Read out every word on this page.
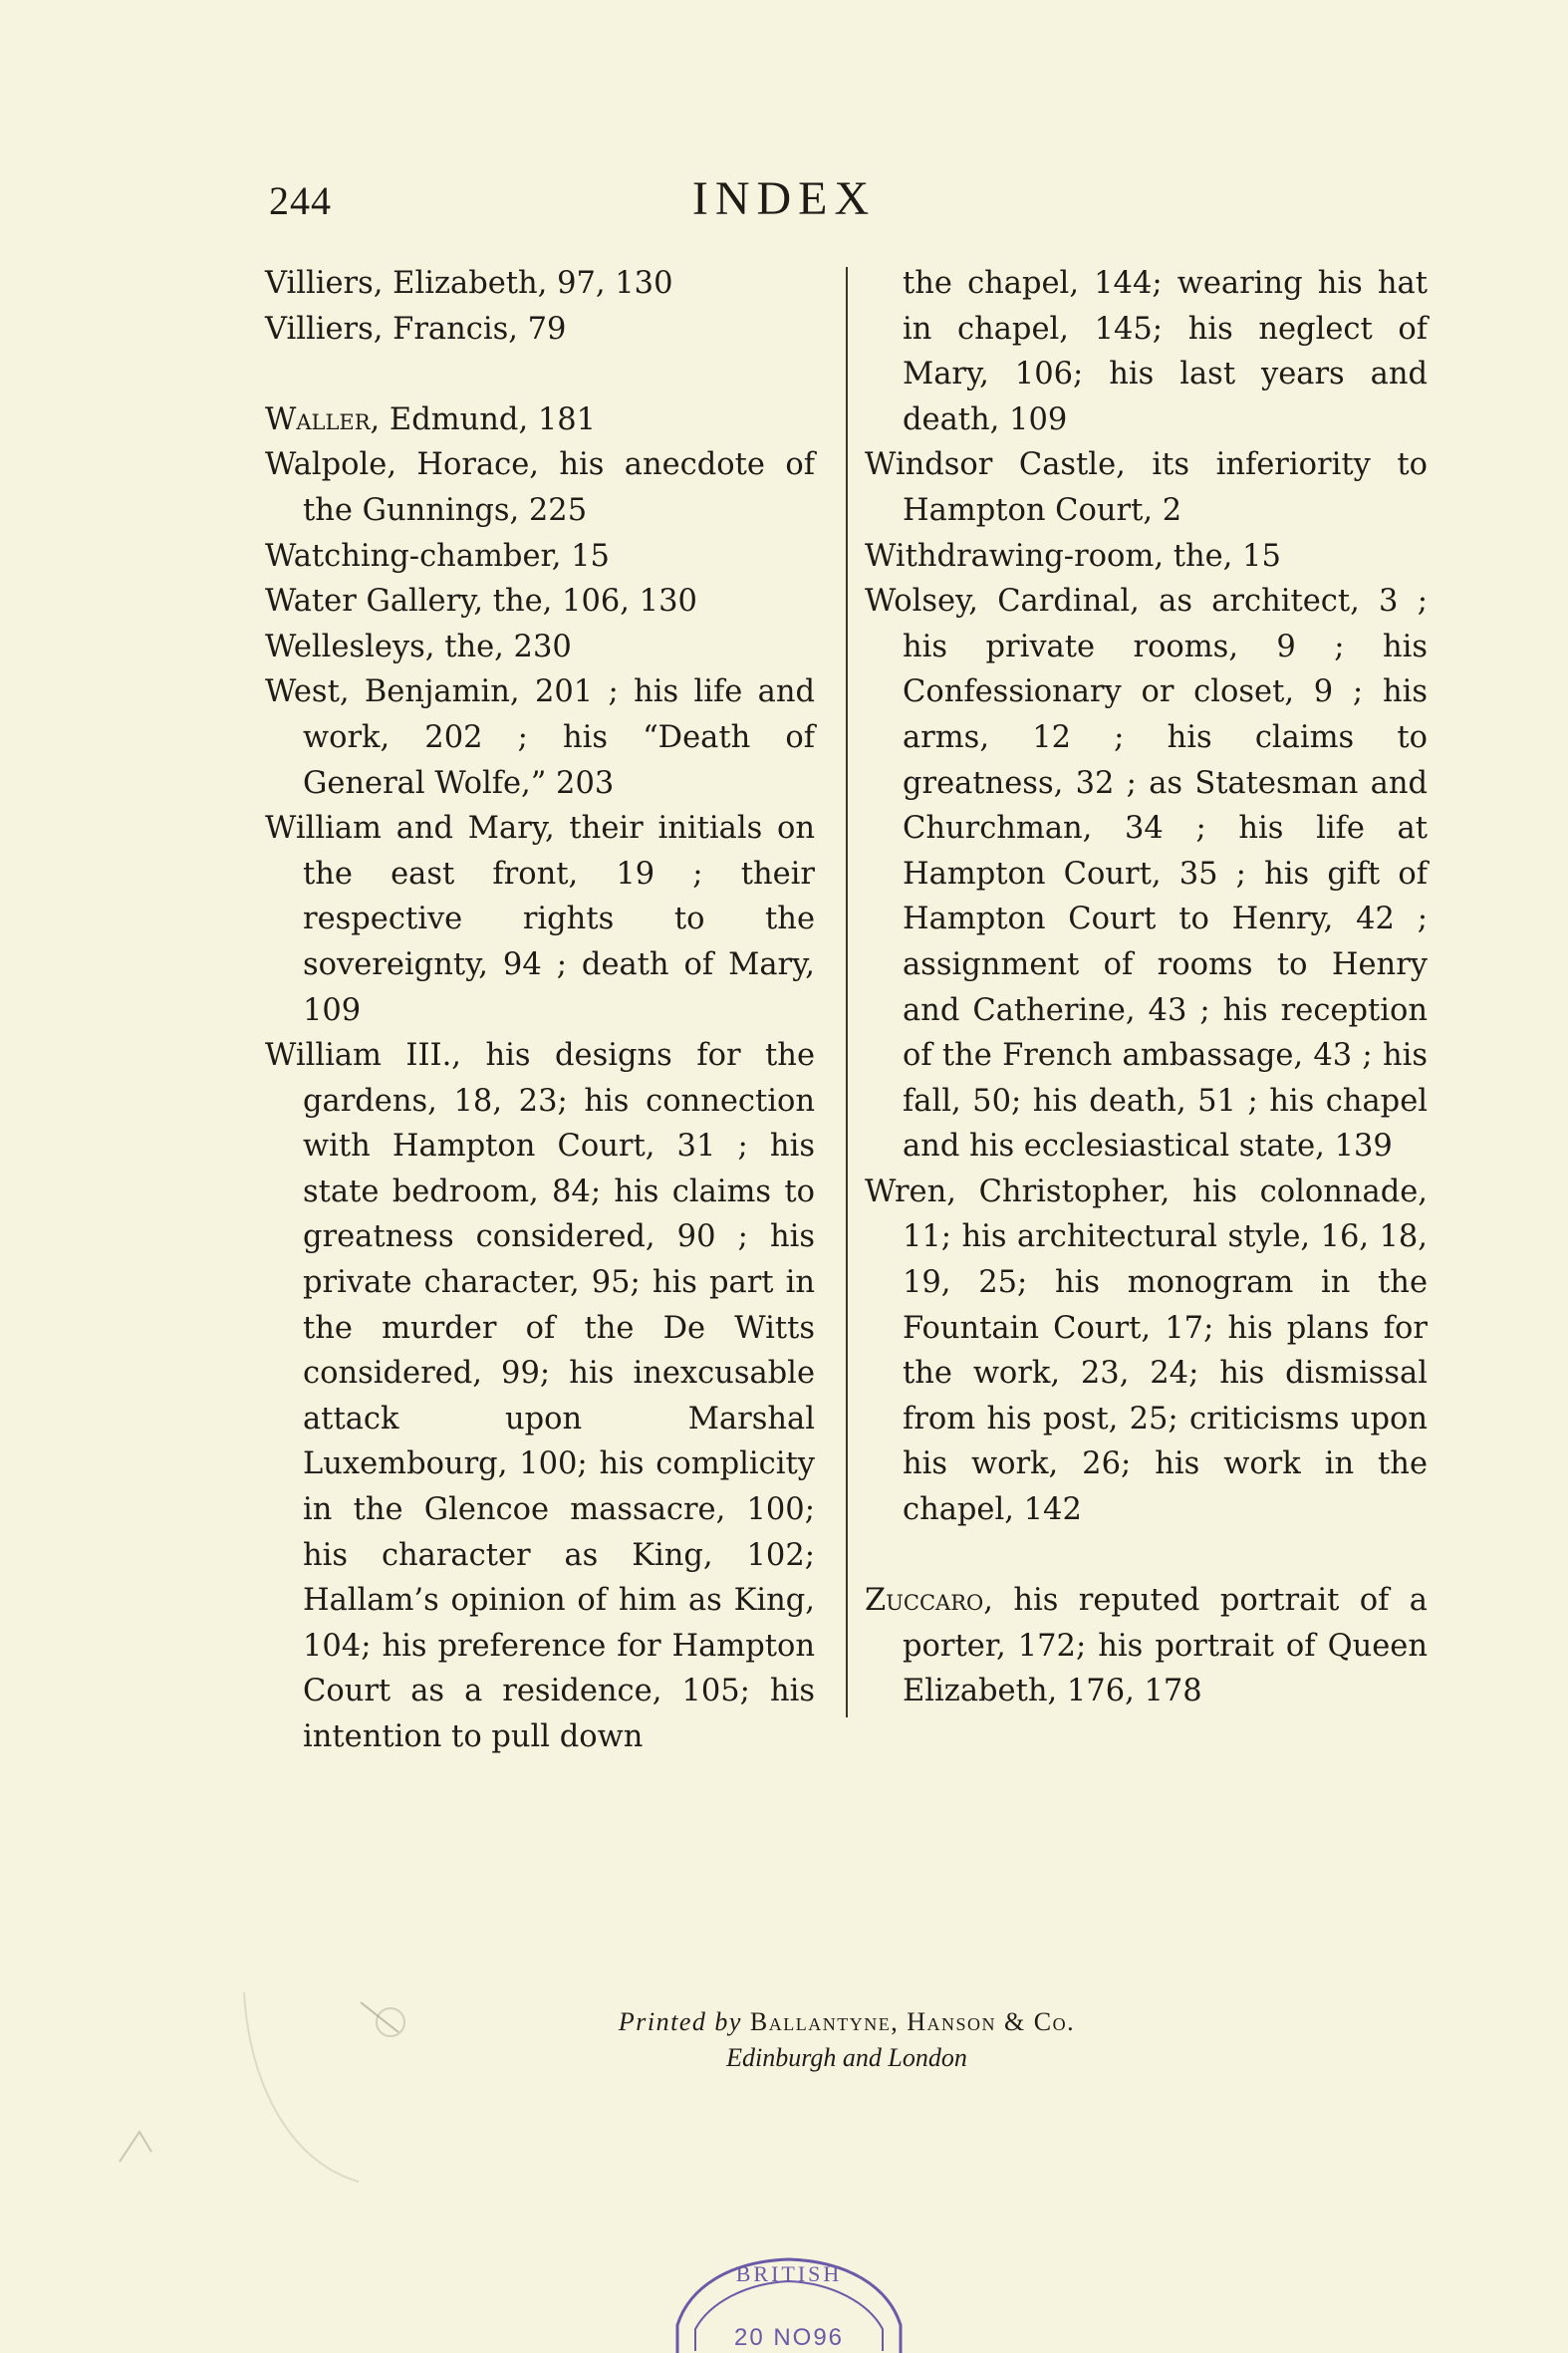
244	INDEX
Villiers, Elizabeth, 97, 130
Villiers, Francis, 79
Waller, Edmund, 181
Walpole, Horace, his anecdote of the Gunnings, 225
Watching-chamber, 15
Water Gallery, the, 106, 130
Wellesleys, the, 230
West, Benjamin, 201 ; his life and work, 202 ; his “Death of General Wolfe,” 203
William and Mary, their initials on the east front, 19 ; their respective rights to the sovereignty, 94 ; death of Mary, 109
William III., his designs for the gardens, 18, 23; his connection with Hampton Court, 31 ; his state bedroom, 84; his claims to greatness considered, 90 ; his private character, 95; his part in the murder of the De Witts considered, 99; his inexcusable attack upon Marshal Luxembourg, 100; his complicity in the Glencoe massacre, 100; his character as King, 102; Hallam’s opinion of him as King, 104; his preference for Hampton Court as a residence, 105; his intention to pull down
the chapel, 144; wearing his hat in chapel, 145; his neglect of Mary, 106; his last years and death, 109
Windsor Castle, its inferiority to Hampton Court, 2
Withdrawing-room, the, 15
Wolsey, Cardinal, as architect, 3 ; his private rooms, 9 ; his Confessionary or closet, 9 ; his arms, 12 ; his claims to greatness, 32 ; as Statesman and Churchman, 34 ; his life at Hampton Court, 35 ; his gift of Hampton Court to Henry, 42 ; assignment of rooms to Henry and Catherine, 43 ; his reception of the French ambassage, 43 ; his fall, 50; his death, 51 ; his chapel and his ecclesiastical state, 139
Wren, Christopher, his colonnade, 11; his architectural style, 16, 18, 19, 25; his monogram in the Fountain Court, 17; his plans for the work, 23, 24; his dismissal from his post, 25; criticisms upon his work, 26; his work in the chapel, 142
Zuccaro, his reputed portrait of a porter, 172; his portrait of Queen Elizabeth, 176, 178
Printed by Ballantyne, Hanson & Co.
Edinburgh and London
BRITISH
20 NO96
